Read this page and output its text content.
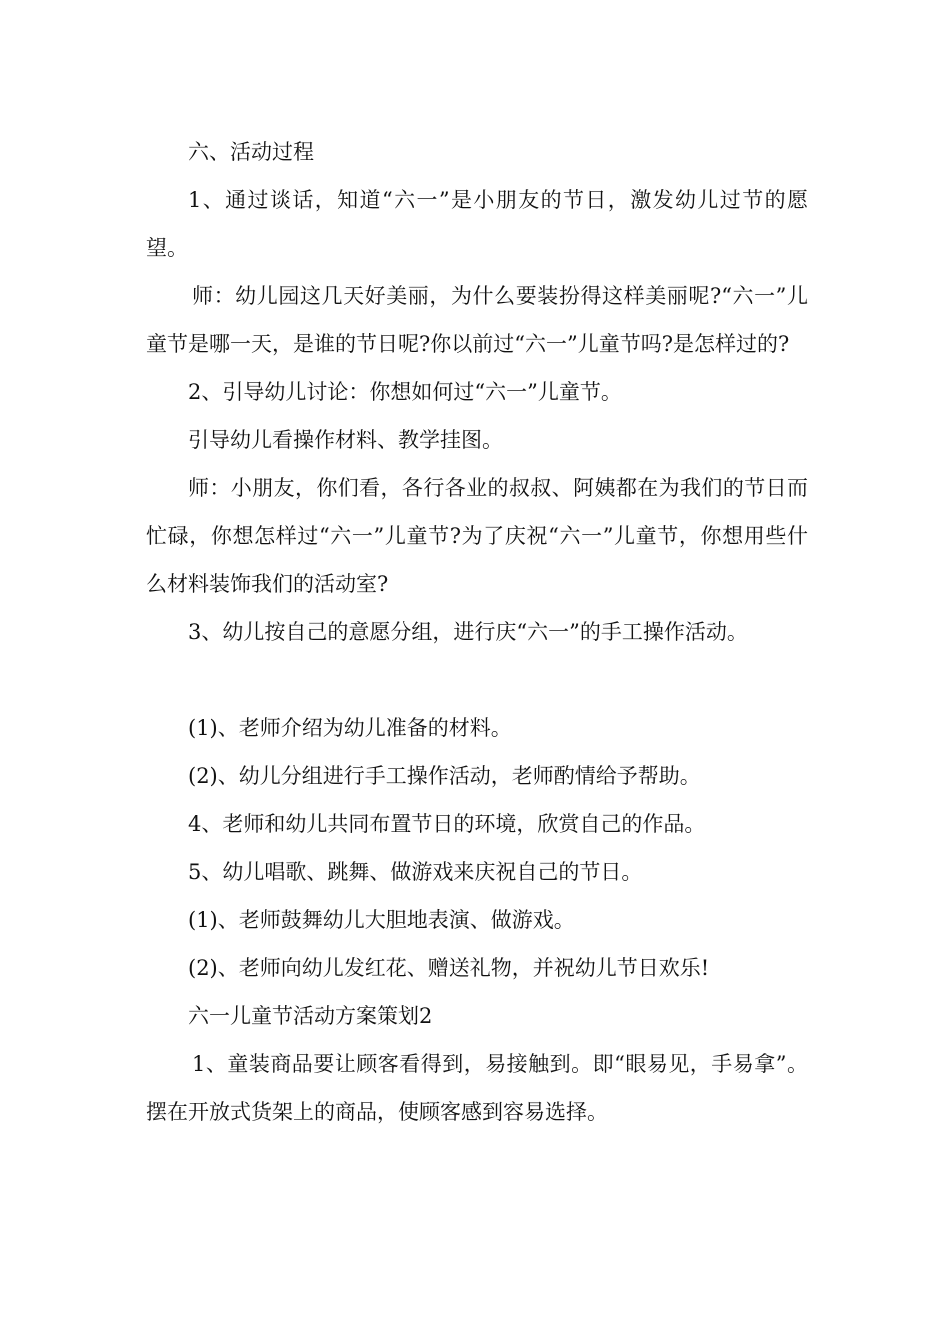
六、活动过程

1、通过谈话，知道“六一”是小朋友的节日，激发幼儿过节的愿望。

师：幼儿园这几天好美丽，为什么要装扮得这样美丽呢?“六一”儿童节是哪一天，是谁的节日呢?你以前过“六一”儿童节吗?是怎样过的?

2、引导幼儿讨论：你想如何过“六一”儿童节。

引导幼儿看操作材料、教学挂图。

师：小朋友，你们看，各行各业的叔叔、阿姨都在为我们的节日而忙碌，你想怎样过“六一”儿童节?为了庆祝“六一”儿童节，你想用些什么材料装饰我们的活动室?

3、幼儿按自己的意愿分组，进行庆“六一”的手工操作活动。

(1)、老师介绍为幼儿准备的材料。

(2)、幼儿分组进行手工操作活动，老师酌情给予帮助。

4、老师和幼儿共同布置节日的环境，欣赏自己的作品。

5、幼儿唱歌、跳舞、做游戏来庆祝自己的节日。

(1)、老师鼓舞幼儿大胆地表演、做游戏。

(2)、老师向幼儿发红花、赠送礼物，并祝幼儿节日欢乐!

六一儿童节活动方案策划2

1、童装商品要让顾客看得到，易接触到。即“眼易见，手易拿”。摆在开放式货架上的商品，使顾客感到容易选择。
